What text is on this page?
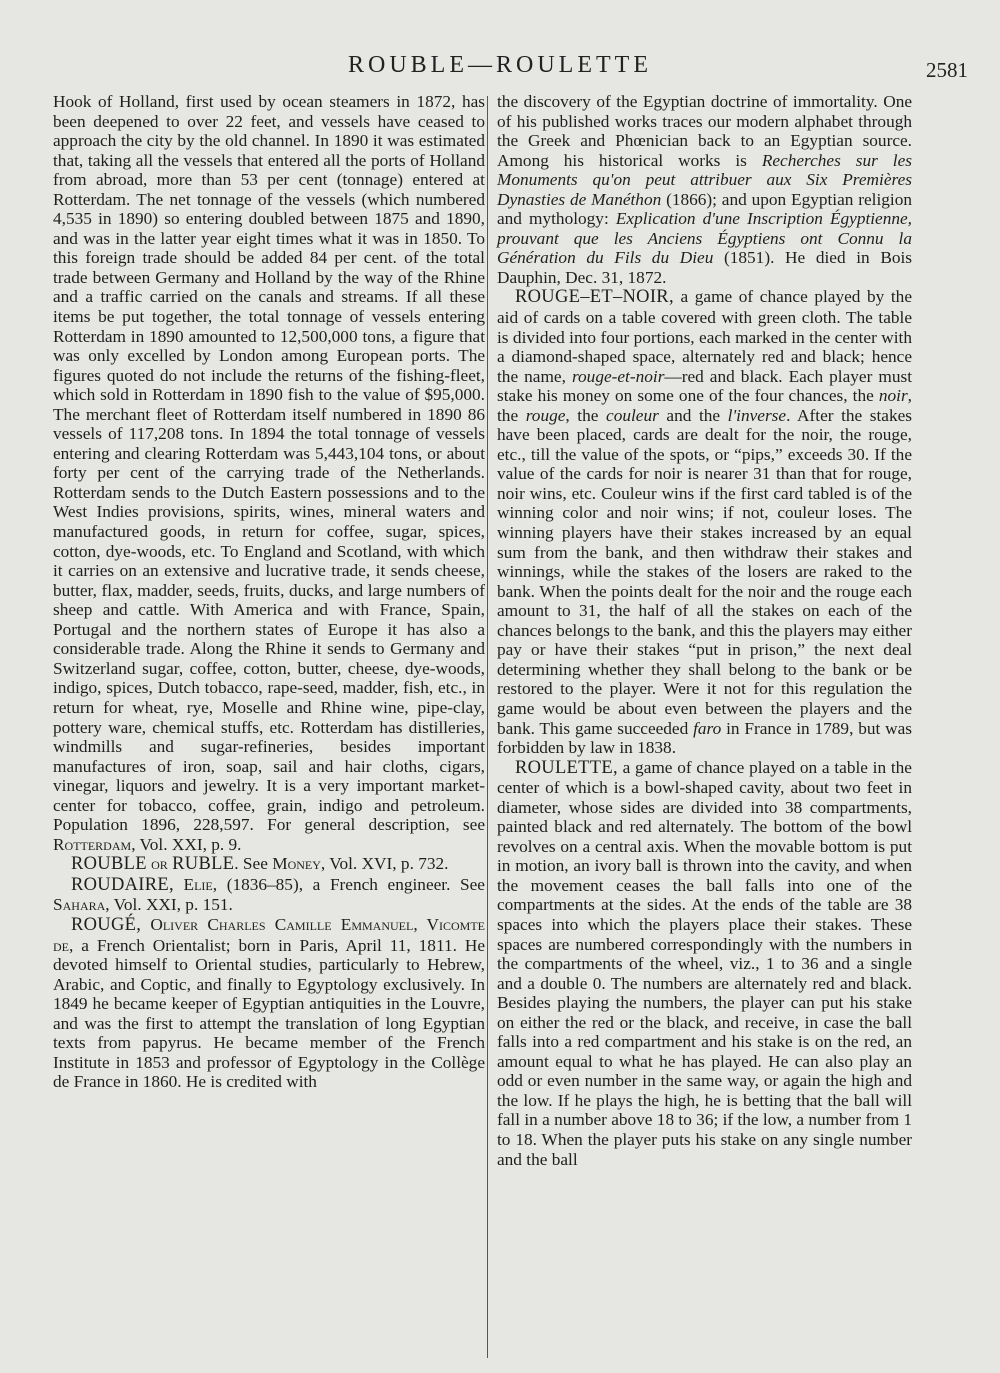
ROUBLE—ROULETTE	2581

Hook of Holland, first used by ocean steamers in 1872, has been deepened to over 22 feet, and vessels have ceased to approach the city by the old channel. In 1890 it was estimated that, taking all the vessels that entered all the ports of Holland from abroad, more than 53 per cent (tonnage) entered at Rotterdam. The net tonnage of the vessels (which numbered 4,535 in 1890) so entering doubled between 1875 and 1890, and was in the latter year eight times what it was in 1850. To this foreign trade should be added 84 per cent. of the total trade between Germany and Holland by the way of the Rhine and a traffic carried on the canals and streams. If all these items be put together, the total tonnage of vessels entering Rotterdam in 1890 amounted to 12,500,000 tons, a figure that was only excelled by London among European ports. The figures quoted do not include the returns of the fishing-fleet, which sold in Rotterdam in 1890 fish to the value of $95,000. The merchant fleet of Rotterdam itself numbered in 1890 86 vessels of 117,208 tons. In 1894 the total tonnage of vessels entering and clearing Rotterdam was 5,443,104 tons, or about forty per cent of the carrying trade of the Netherlands. Rotterdam sends to the Dutch Eastern possessions and to the West Indies provisions, spirits, wines, mineral waters and manufactured goods, in return for coffee, sugar, spices, cotton, dye-woods, etc. To England and Scotland, with which it carries on an extensive and lucrative trade, it sends cheese, butter, flax, madder, seeds, fruits, ducks, and large numbers of sheep and cattle. With America and with France, Spain, Portugal and the northern states of Europe it has also a considerable trade. Along the Rhine it sends to Germany and Switzerland sugar, coffee, cotton, butter, cheese, dye-woods, indigo, spices, Dutch tobacco, rape-seed, madder, fish, etc., in return for wheat, rye, Moselle and Rhine wine, pipe-clay, pottery ware, chemical stuffs, etc. Rotterdam has distilleries, windmills and sugar-refineries, besides important manufactures of iron, soap, sail and hair cloths, cigars, vinegar, liquors and jewelry. It is a very important market-center for tobacco, coffee, grain, indigo and petroleum. Population 1896, 228,597. For general description, see Rotterdam, Vol. XXI, p. 9.

ROUBLE or RUBLE. See Money, Vol. XVI, p. 732.

ROUDAIRE, Elie, (1836–85), a French engineer. See Sahara, Vol. XXI, p. 151.

ROUGÉ, Oliver Charles Camille Emmanuel, Vicomte de, a French Orientalist; born in Paris, April 11, 1811. He devoted himself to Oriental studies, particularly to Hebrew, Arabic, and Coptic, and finally to Egyptology exclusively. In 1849 he became keeper of Egyptian antiquities in the Louvre, and was the first to attempt the translation of long Egyptian texts from papyrus. He became member of the French Institute in 1853 and professor of Egyptology in the Collège de France in 1860. He is credited with

the discovery of the Egyptian doctrine of immortality. One of his published works traces our modern alphabet through the Greek and Phœnician back to an Egyptian source. Among his historical works is Recherches sur les Monuments qu'on peut attribuer aux Six Premières Dynasties de Manéthon (1866); and upon Egyptian religion and mythology: Explication d'une Inscription Égyptienne, prouvant que les Anciens Égyptiens ont Connu la Génération du Fils du Dieu (1851). He died in Bois Dauphin, Dec. 31, 1872.

ROUGE–ET–NOIR, a game of chance played by the aid of cards on a table covered with green cloth. The table is divided into four portions, each marked in the center with a diamond-shaped space, alternately red and black; hence the name, rouge-et-noir—red and black. Each player must stake his money on some one of the four chances, the noir, the rouge, the couleur and the l'inverse. After the stakes have been placed, cards are dealt for the noir, the rouge, etc., till the value of the spots, or “pips,” exceeds 30. If the value of the cards for noir is nearer 31 than that for rouge, noir wins, etc. Couleur wins if the first card tabled is of the winning color and noir wins; if not, couleur loses. The winning players have their stakes increased by an equal sum from the bank, and then withdraw their stakes and winnings, while the stakes of the losers are raked to the bank. When the points dealt for the noir and the rouge each amount to 31, the half of all the stakes on each of the chances belongs to the bank, and this the players may either pay or have their stakes “put in prison,” the next deal determining whether they shall belong to the bank or be restored to the player. Were it not for this regulation the game would be about even between the players and the bank. This game succeeded faro in France in 1789, but was forbidden by law in 1838.

ROULETTE, a game of chance played on a table in the center of which is a bowl-shaped cavity, about two feet in diameter, whose sides are divided into 38 compartments, painted black and red alternately. The bottom of the bowl revolves on a central axis. When the movable bottom is put in motion, an ivory ball is thrown into the cavity, and when the movement ceases the ball falls into one of the compartments at the sides. At the ends of the table are 38 spaces into which the players place their stakes. These spaces are numbered correspondingly with the numbers in the compartments of the wheel, viz., 1 to 36 and a single and a double 0. The numbers are alternately red and black. Besides playing the numbers, the player can put his stake on either the red or the black, and receive, in case the ball falls into a red compartment and his stake is on the red, an amount equal to what he has played. He can also play an odd or even number in the same way, or again the high and the low. If he plays the high, he is betting that the ball will fall in a number above 18 to 36; if the low, a number from 1 to 18. When the player puts his stake on any single number and the ball
